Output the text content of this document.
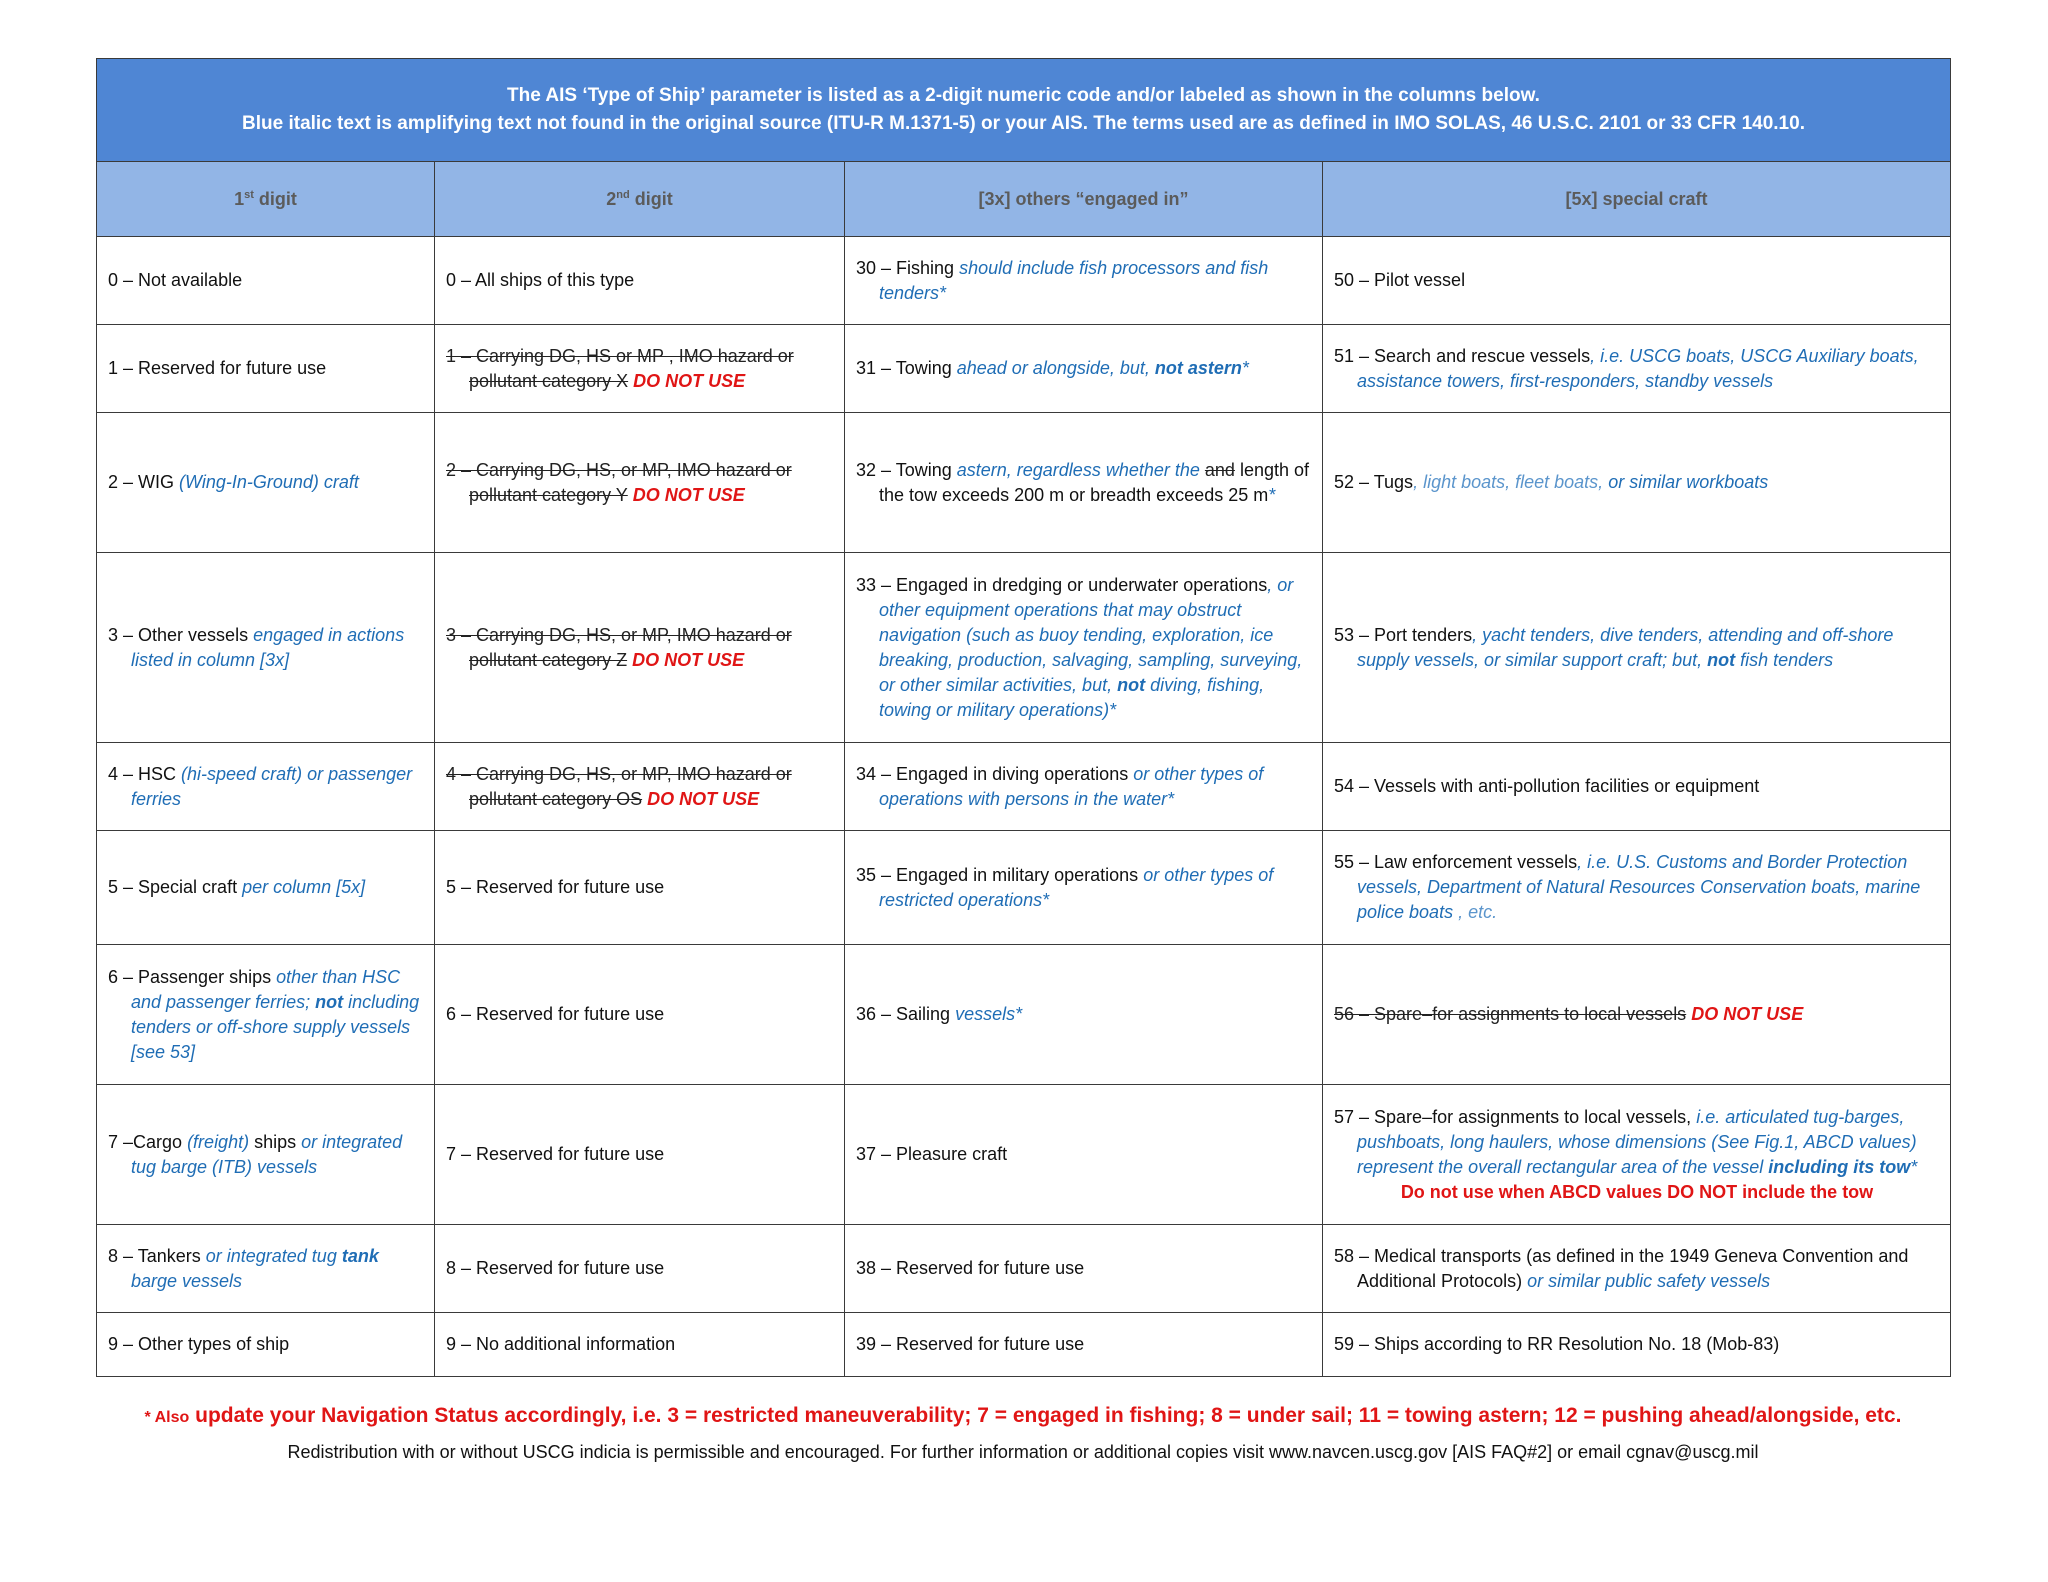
The AIS ‘Type of Ship’ parameter is listed as a 2-digit numeric code and/or labeled as shown in the columns below.
Blue italic text is amplifying text not found in the original source (ITU-R M.1371-5) or your AIS. The terms used are as defined in IMO SOLAS, 46 U.S.C. 2101 or 33 CFR 140.10.			

1st digit	2nd digit	[3x] others “engaged in”	[5x] special craft

0 – Not available	0 – All ships of this type	30 – Fishing should include fish processors and fish tenders*	50 – Pilot vessel

1 – Reserved for future use	1 – Carrying DG, HS or MP , IMO hazard or pollutant category X DO NOT USE	31 – Towing ahead or alongside, but, not astern*	51 – Search and rescue vessels, i.e. USCG boats, USCG Auxiliary boats, assistance towers, first-responders, standby vessels

2 – WIG (Wing-In-Ground) craft	2 – Carrying DG, HS, or MP, IMO hazard or pollutant category Y DO NOT USE	32 – Towing astern, regardless whether the and length of the tow exceeds 200 m or breadth exceeds 25 m*	52 – Tugs, light boats, fleet boats, or similar workboats

3 – Other vessels engaged in actions listed in column [3x]	3 – Carrying DG, HS, or MP, IMO hazard or pollutant category Z DO NOT USE	33 – Engaged in dredging or underwater operations, or other equipment operations that may obstruct navigation (such as buoy tending, exploration, ice breaking, production, salvaging, sampling, surveying, or other similar activities, but, not diving, fishing, towing or military operations)*	53 – Port tenders, yacht tenders, dive tenders, attending and off-shore supply vessels, or similar support craft; but, not fish tenders

4 – HSC (hi-speed craft) or passenger ferries	4 – Carrying DG, HS, or MP, IMO hazard or pollutant category OS DO NOT USE	34 – Engaged in diving operations or other types of operations with persons in the water*	54 – Vessels with anti-pollution facilities or equipment

5 – Special craft per column [5x]	5 – Reserved for future use	35 – Engaged in military operations or other types of restricted operations*	55 – Law enforcement vessels, i.e. U.S. Customs and Border Protection vessels, Department of Natural Resources Conservation boats, marine police boats , etc.

6 – Passenger ships other than HSC and passenger ferries; not including tenders or off-shore supply vessels [see 53]	6 – Reserved for future use	36 – Sailing vessels*	56 – Spare–for assignments to local vessels DO NOT USE

7 –Cargo (freight) ships or integrated tug barge (ITB) vessels	7 – Reserved for future use	37 – Pleasure craft	57 – Spare–for assignments to local vessels, i.e. articulated tug-barges, pushboats, long haulers, whose dimensions (See Fig.1, ABCD values) represent the overall rectangular area of the vessel including its tow*
Do not use when ABCD values DO NOT include the tow

8 – Tankers or integrated tug tank barge vessels	8 – Reserved for future use	38 – Reserved for future use	58 – Medical transports (as defined in the 1949 Geneva Convention and Additional Protocols) or similar public safety vessels

9 – Other types of ship	9 – No additional information	39 – Reserved for future use	59 – Ships according to RR Resolution No. 18 (Mob-83)
* Also update your Navigation Status accordingly, i.e. 3 = restricted maneuverability; 7 = engaged in fishing; 8 = under sail; 11 = towing astern; 12 = pushing ahead/alongside, etc.
Redistribution with or without USCG indicia is permissible and encouraged. For further information or additional copies visit www.navcen.uscg.gov [AIS FAQ#2] or email cgnav@uscg.mil
